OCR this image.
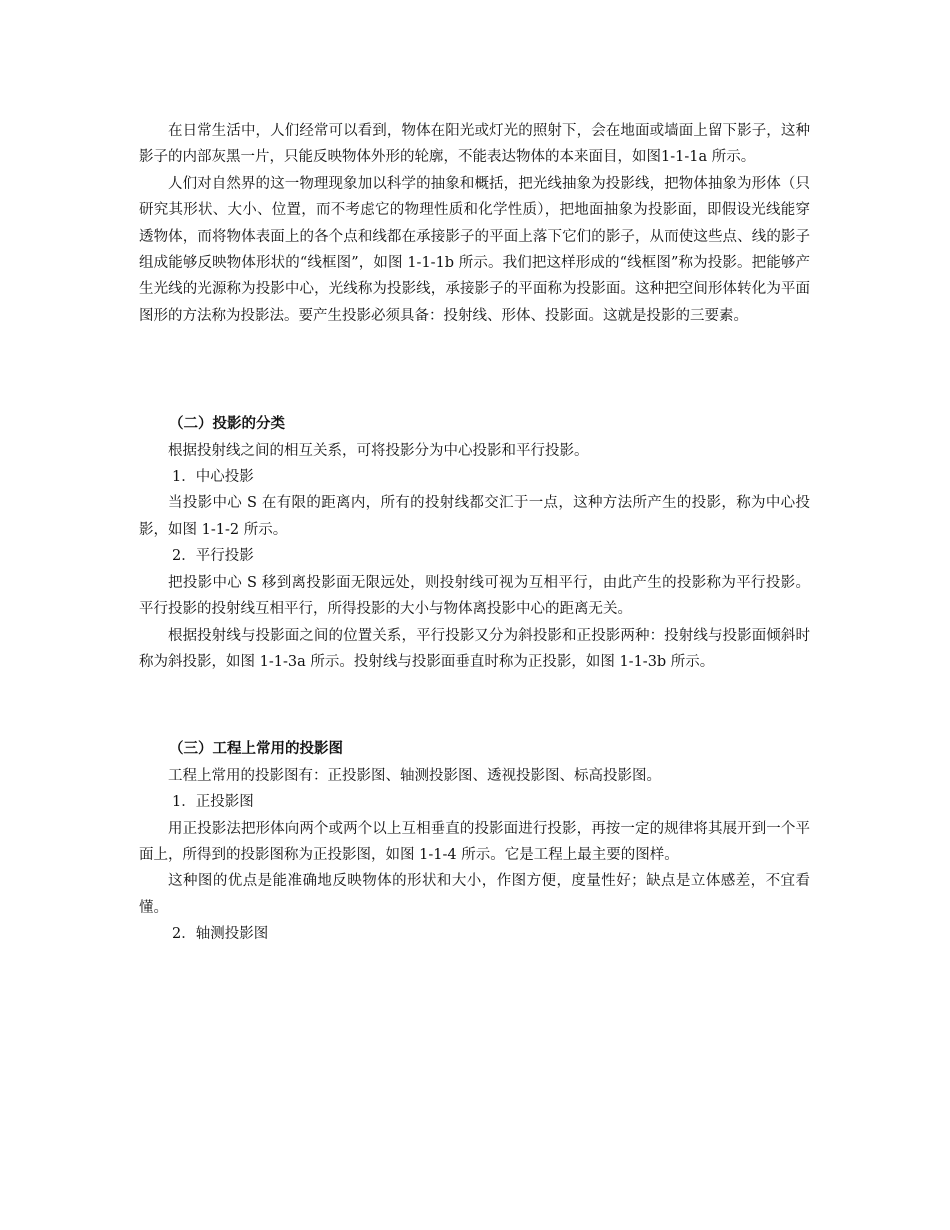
在日常生活中，人们经常可以看到，物体在阳光或灯光的照射下，会在地面或墙面上留下影子，这种影子的内部灰黑一片，只能反映物体外形的轮廓，不能表达物体的本来面目，如图1-1-1a 所示。

人们对自然界的这一物理现象加以科学的抽象和概括，把光线抽象为投影线，把物体抽象为形体（只研究其形状、大小、位置，而不考虑它的物理性质和化学性质），把地面抽象为投影面，即假设光线能穿透物体，而将物体表面上的各个点和线都在承接影子的平面上落下它们的影子，从而使这些点、线的影子组成能够反映物体形状的“线框图”，如图 1-1-1b 所示。我们把这样形成的“线框图”称为投影。把能够产生光线的光源称为投影中心，光线称为投影线，承接影子的平面称为投影面。这种把空间形体转化为平面图形的方法称为投影法。要产生投影必须具备：投射线、形体、投影面。这就是投影的三要素。

（二）投影的分类

根据投射线之间的相互关系，可将投影分为中心投影和平行投影。

1．中心投影

当投影中心 S 在有限的距离内，所有的投射线都交汇于一点，这种方法所产生的投影，称为中心投影，如图 1-1-2 所示。

2．平行投影

把投影中心 S 移到离投影面无限远处，则投射线可视为互相平行，由此产生的投影称为平行投影。平行投影的投射线互相平行，所得投影的大小与物体离投影中心的距离无关。

根据投射线与投影面之间的位置关系，平行投影又分为斜投影和正投影两种：投射线与投影面倾斜时称为斜投影，如图 1-1-3a 所示。投射线与投影面垂直时称为正投影，如图 1-1-3b 所示。

（三）工程上常用的投影图

工程上常用的投影图有：正投影图、轴测投影图、透视投影图、标高投影图。

1．正投影图

用正投影法把形体向两个或两个以上互相垂直的投影面进行投影，再按一定的规律将其展开到一个平面上，所得到的投影图称为正投影图，如图 1-1-4 所示。它是工程上最主要的图样。

这种图的优点是能准确地反映物体的形状和大小，作图方便，度量性好；缺点是立体感差，不宜看懂。

2．轴测投影图
